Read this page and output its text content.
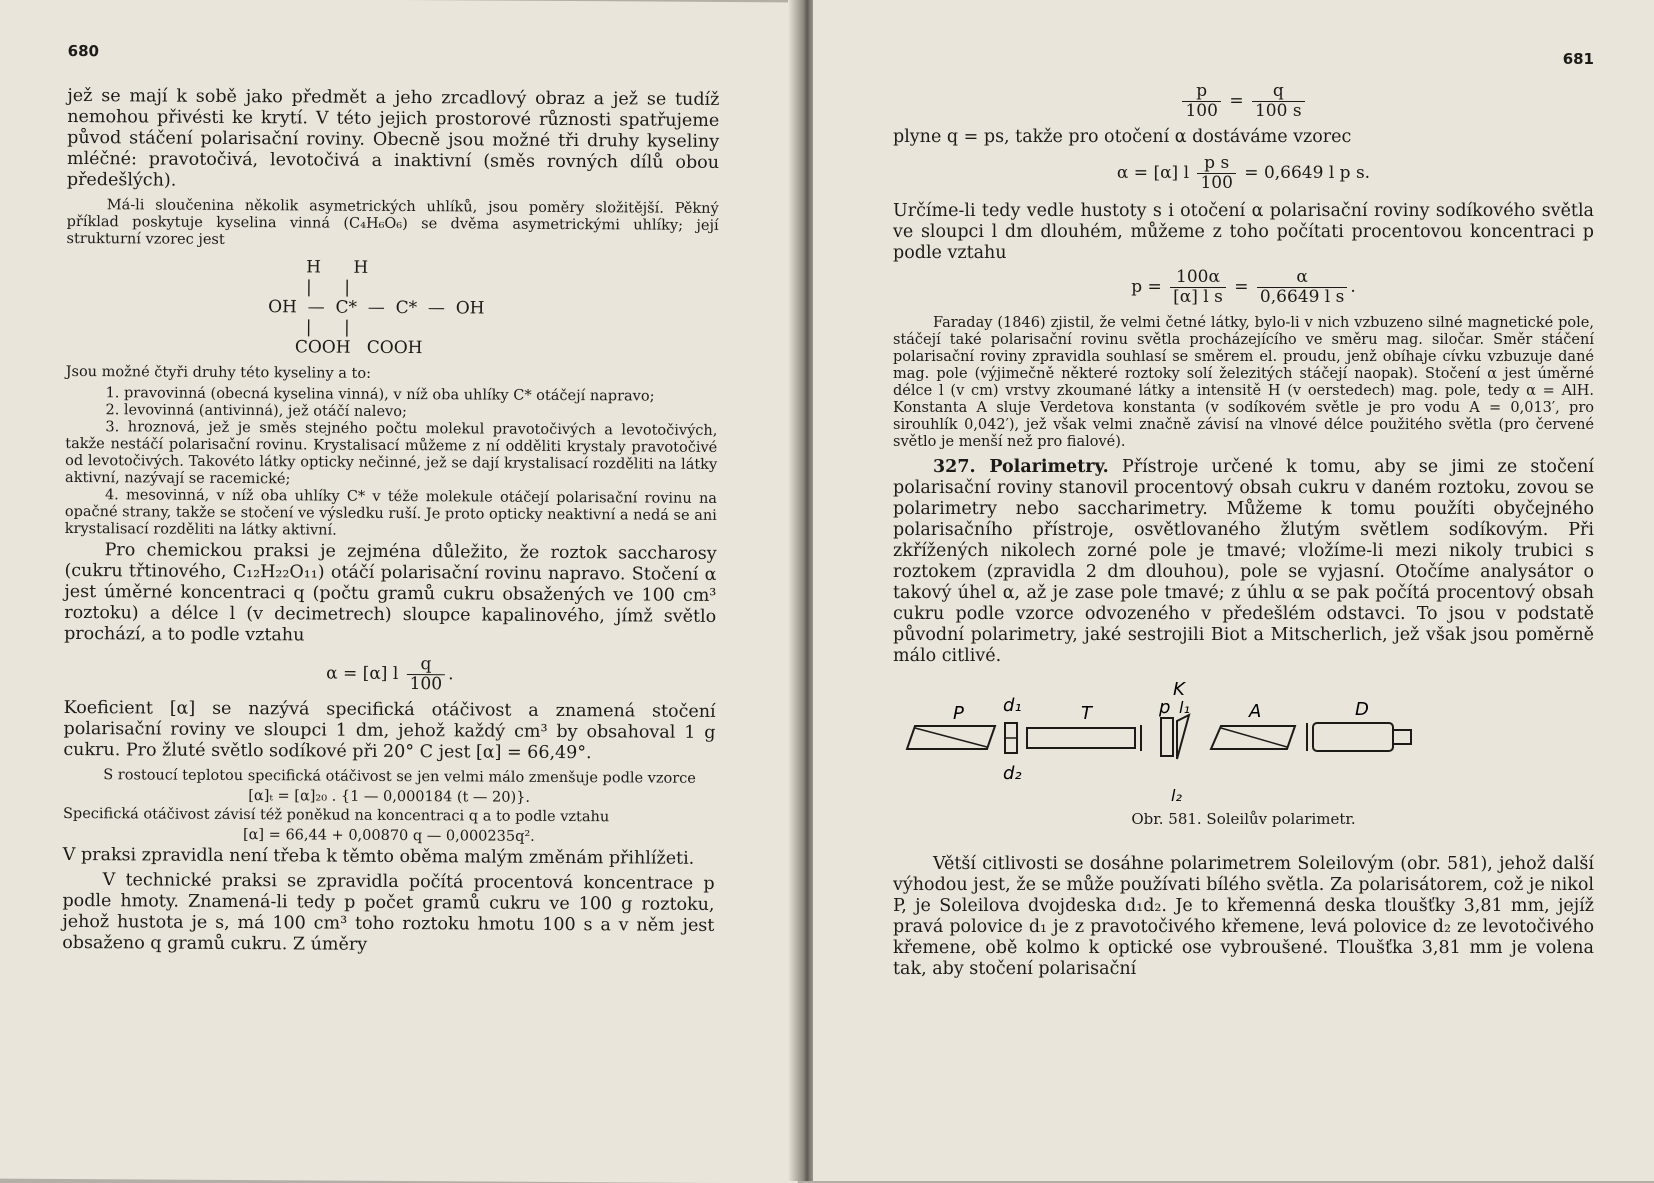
680

jež se mají k sobě jako předmět a jeho zrcadlový obraz a jež se tudíž nemohou přivésti ke krytí. V této jejich prostorové různosti spatřujeme původ stáčení polarisační roviny. Obecně jsou možné tři druhy kyseliny mléčné: pravotočivá, levotočivá a inaktivní (směs rovných dílů obou předešlých).

Má-li sloučenina několik asymetrických uhlíků, jsou poměry složitější. Pěkný příklad poskytuje kyselina vinná (C₄H₆O₆) se dvěma asymetrickými uhlíky; její strukturní vzorec jest

H      H
|      |
OH  —  C*  —  C*  —  OH
|      |
COOH   COOH

Jsou možné čtyři druhy této kyseliny a to:

1. pravovinná (obecná kyselina vinná), v níž oba uhlíky C* otáčejí napravo;

2. levovinná (antivinná), jež otáčí nalevo;

3. hroznová, jež je směs stejného počtu molekul pravotočivých a levotočivých, takže nestáčí polarisační rovinu. Krystalisací můžeme z ní odděliti krystaly pravotočivé od levotočivých. Takovéto látky opticky nečinné, jež se dají krystalisací rozděliti na látky aktivní, nazývají se racemické;

4. mesovinná, v níž oba uhlíky C* v téže molekule otáčejí polarisační rovinu na opačné strany, takže se stočení ve výsledku ruší. Je proto opticky neaktivní a nedá se ani krystalisací rozděliti na látky aktivní.

Pro chemickou praksi je zejména důležito, že roztok saccharosy (cukru třtinového, C₁₂H₂₂O₁₁) otáčí polarisační rovinu napravo. Stočení α jest úměrné koncentraci q (počtu gramů cukru obsažených ve 100 cm³ roztoku) a délce l (v decimetrech) sloupce kapalinového, jímž světlo prochází, a to podle vztahu

α = [α] l $\frac{q}{100}$ .

Koeficient [α] se nazývá specifická otáčivost a znamená stočení polarisační roviny ve sloupci 1 dm, jehož každý cm³ by obsahoval 1 g cukru. Pro žluté světlo sodíkové při 20° C jest [α] = 66,49°.

S rostoucí teplotou specifická otáčivost se jen velmi málo zmenšuje podle vzorce

[α]ₜ = [α]₂₀ . {1 — 0,000184 (t — 20)}.

Specifická otáčivost závisí též poněkud na koncentraci q a to podle vztahu

[α] = 66,44 + 0,00870 q — 0,000235q².

V praksi zpravidla není třeba k těmto oběma malým změnám přihlížeti.

V technické praksi se zpravidla počítá procentová koncentrace p podle hmoty. Znamená-li tedy p počet gramů cukru ve 100 g roztoku, jehož hustota je s, má 100 cm³ toho roztoku hmotu 100 s a v něm jest obsaženo q gramů cukru. Z úměry

681
$\frac{p}{100} = \frac{q}{100 s}$

plyne q = ps, takže pro otočení α dostáváme vzorec

α = [α] l $\frac{\text{p s}}{100} = 0,6649$ l p s.

Určíme-li tedy vedle hustoty s i otočení α polarisační roviny sodíkového světla ve sloupci l dm dlouhém, můžeme z toho počítati procentovou koncentraci p podle vztahu

$p = \frac{100\alpha}{\text{[α] l s}} = \frac{\alpha}{\text{0,6649 l s}}$ .

Faraday (1846) zjistil, že velmi četné látky, bylo-li v nich vzbuzeno silné magnetické pole, stáčejí také polarisační rovinu světla procházejícího ve směru mag. siločar. Směr stáčení polarisační roviny zpravidla souhlasí se směrem el. proudu, jenž obíhaje cívku vzbuzuje dané mag. pole (výjimečně některé roztoky solí železitých stáčejí naopak). Stočení α jest úměrné délce l (v cm) vrstvy zkoumané látky a intensitě H (v oerstedech) mag. pole, tedy α = AlH. Konstanta A sluje Verdetova konstanta (v sodíkovém světle je pro vodu A = 0,013′, pro sirouhlík 0,042′), jež však velmi značně závisí na vlnové délce použitého světla (pro červené světlo je menší než pro fialové).

327. Polarimetry. Přístroje určené k tomu, aby se jimi ze stočení polarisační roviny stanovil procentový obsah cukru v daném roztoku, zovou se polarimetry nebo saccharimetry. Můžeme k tomu použíti obyčejného polarisačního přístroje, osvětlovaného žlutým světlem sodíkovým. Při zkřížených nikolech zorné pole je tmavé; vložíme-li mezi nikoly trubici s roztokem (zpravidla 2 dm dlouhou), pole se vyjasní. Otočíme analysátor o takový úhel α, až je zase pole tmavé; z úhlu α se pak počítá procentový obsah cukru podle vzorce odvozeného v předešlém odstavci. To jsou v podstatě původní polarimetry, jaké sestrojili Biot a Mitscherlich, jež však jsou poměrně málo citlivé.

P d₁
d₂
T
K
p l₁
l₂
A	D
Obr. 581. Soleilův polarimetr.

Větší citlivosti se dosáhne polarimetrem Soleilovým (obr. 581), jehož další výhodou jest, že se může používati bílého světla. Za polarisátorem, což je nikol P, je Soleilova dvojdeska d₁d₂. Je to křemenná deska tloušťky 3,81 mm, jejíž pravá polovice d₁ je z pravotočivého křemene, levá polovice d₂ ze levotočivého křemene, obě kolmo k optické ose vybroušené. Tloušťka 3,81 mm je volena tak, aby stočení polarisační
